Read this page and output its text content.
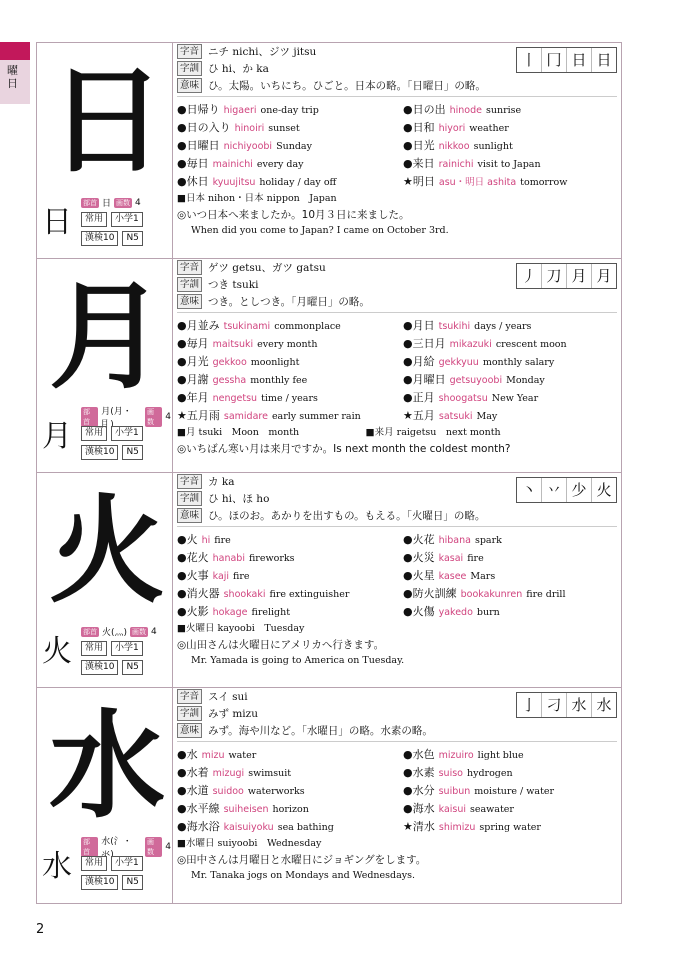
曜日 日
日
部首 日 画数 4
常用	小学1
漢検10	N5
丨 冂 日 日
字音 ニチ nichi、ジツ jitsu
字訓 ひ hi、か ka
意味 ひ。太陽。いちにち。ひごと。日本の略。「日曜日」の略。
●日帰り higaeri one-day trip	●日の出 hinode sunrise
●日の入り hinoiri sunset	●日和 hiyori weather
●日曜日 nichiyoobi Sunday	●日光 nikkoo sunlight
●毎日 mainichi every day	●来日 rainichi visit to Japan
●休日 kyuujitsu holiday / day off	★明日 asu・明日 ashita tomorrow
■日本 nihon・日本 nippon　Japan
◎いつ日本へ来ましたか。10月３日に来ました。
When did you come to Japan? I came on October 3rd.
月
月
部首
月(月・⺝)
画数	4
常用	小学1
漢検10	N5
丿 刀 月 月
字音 ゲツ getsu、ガツ gatsu
字訓 つき tsuki
意味 つき。としつき。「月曜日」の略。
●月並み tsukinami commonplace	●月日 tsukihi days / years
●毎月 maitsuki every month	●三日月 mikazuki crescent moon
●月光 gekkoo moonlight	●月給 gekkyuu monthly salary
●月謝 gessha monthly fee	●月曜日 getsuyoobi Monday
●年月 nengetsu time / years	●正月 shoogatsu New Year
★五月雨 samidare early summer rain	★五月 satsuki May
■月 tsuki　Moon　month　　　　　　　■来月 raigetsu　next month
◎いちばん寒い月は来月ですか。Is next month the coldest month?
火
火
部首 火(灬) 画数 4
常用	小学1
漢検10	N5
丶 丷 少 火
字音 カ ka
字訓 ひ hi、ほ ho
意味 ひ。ほのお。あかりを出すもの。もえる。「火曜日」の略。
●火 hi fire	●火花 hibana spark
●花火 hanabi fireworks	●火災 kasai fire
●火事 kaji fire	●火星 kasee Mars
●消火器 shookaki fire extinguisher	●防火訓練 bookakunren fire drill
●火影 hokage firelight	●火傷 yakedo burn
■火曜日 kayoobi　Tuesday
◎山田さんは火曜日にアメリカへ行きます。
Mr. Yamada is going to America on Tuesday.
水
水
部首
水(氵・氺)
画数	4
常用	小学1
漢検10	N5
亅 刁 水 水
字音 スイ sui
字訓 みず mizu
意味 みず。海や川など。「水曜日」の略。水素の略。
●水 mizu water	●水色 mizuiro light blue
●水着 mizugi swimsuit	●水素 suiso hydrogen
●水道 suidoo waterworks	●水分 suibun moisture / water
●水平線 suiheisen horizon	●海水 kaisui seawater
●海水浴 kaisuiyoku sea bathing	★清水 shimizu spring water
■水曜日 suiyoobi　Wednesday
◎田中さんは月曜日と水曜日にジョギングをします。
Mr. Tanaka jogs on Mondays and Wednesdays.
2
